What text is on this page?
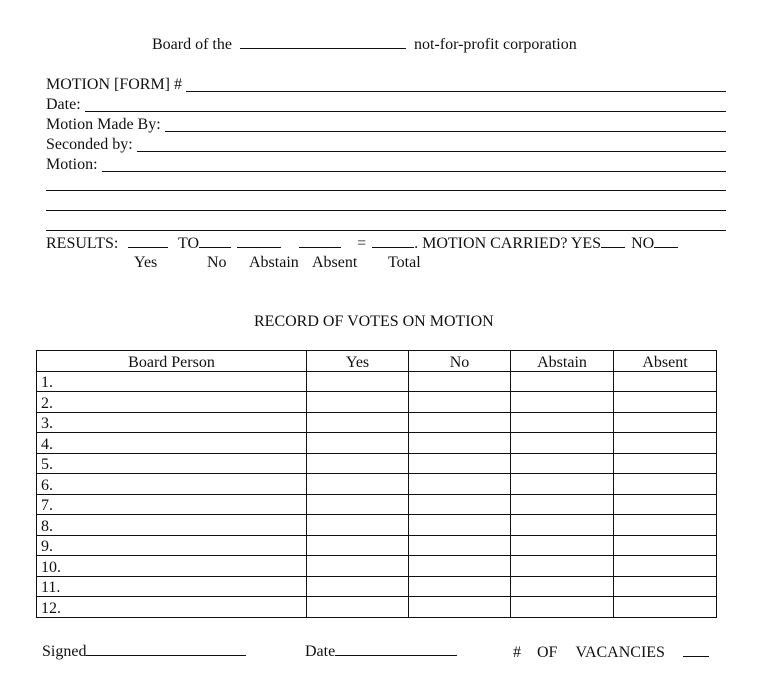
Board of the	not-for-profit corporation
MOTION [FORM] #
Date:
Motion Made By:
Seconded by:
Motion:
RESULTS:	TO	=	. MOTION CARRIED? YES NO
Yes	No Abstain Absent Total
RECORD OF VOTES ON MOTION
Board Person	Yes	No	Abstain	Absent
1.				
2.				
3.				
4.				
5.				
6.				
7.				
8.				
9.				
10.				
11.				
12.				
Signed	Date	# OF VACANCIES
